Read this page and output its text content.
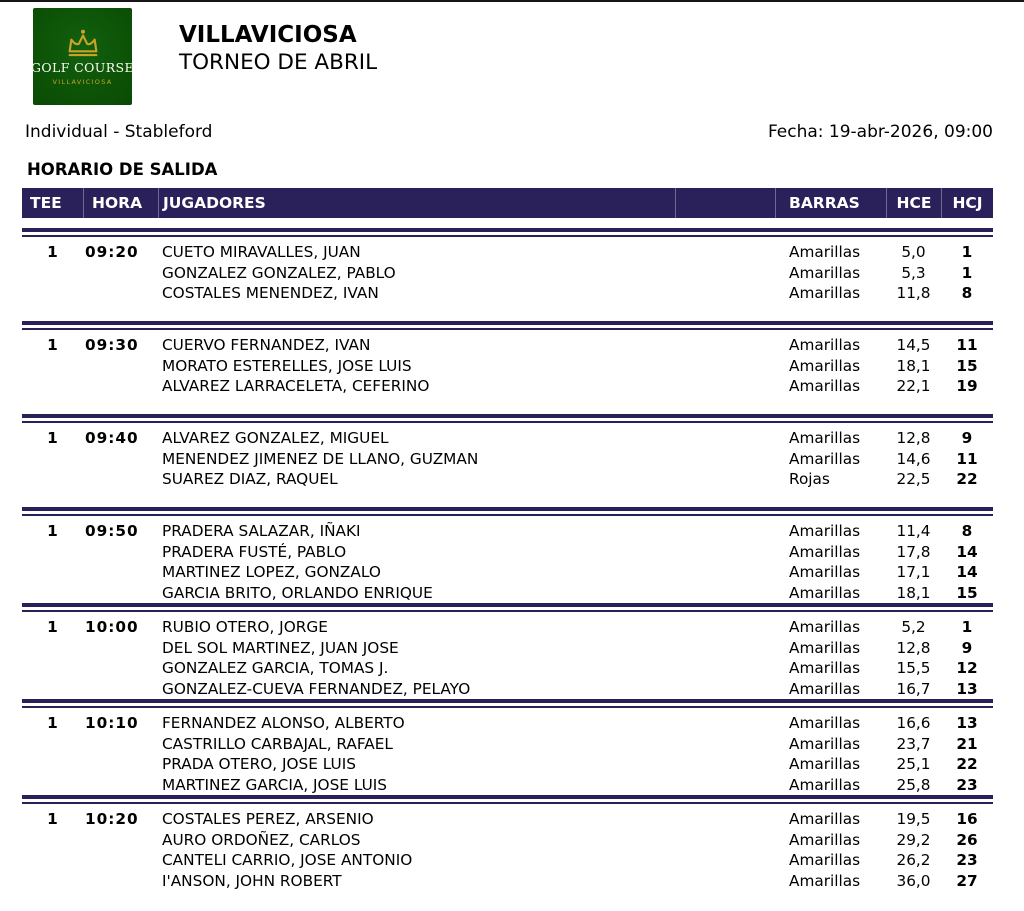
GOLF COURSE
VILLAVICIOSA
VILLAVICIOSA
TORNEO DE ABRIL
Individual - Stableford	Fecha: 19-abr-2026, 09:00
HORARIO DE SALIDA
TEE	HORA	JUGADORES	BARRAS	HCE	HCJ
1	09:20	CUETO MIRAVALLES, JUAN	Amarillas	5,0	1
GONZALEZ GONZALEZ, PABLO	Amarillas	5,3	1
COSTALES MENENDEZ, IVAN	Amarillas	11,8	8
1	09:30	CUERVO FERNANDEZ, IVAN	Amarillas	14,5	11
MORATO ESTERELLES, JOSE LUIS	Amarillas	18,1	15
ALVAREZ LARRACELETA, CEFERINO	Amarillas	22,1	19
1	09:40	ALVAREZ GONZALEZ, MIGUEL	Amarillas	12,8	9
MENENDEZ JIMENEZ DE LLANO, GUZMAN	Amarillas	14,6	11
SUAREZ DIAZ, RAQUEL	Rojas	22,5	22
1	09:50	PRADERA SALAZAR, IÑAKI	Amarillas	11,4	8
PRADERA FUSTÉ, PABLO	Amarillas	17,8	14
MARTINEZ LOPEZ, GONZALO	Amarillas	17,1	14
GARCIA BRITO, ORLANDO ENRIQUE	Amarillas	18,1	15
1	10:00	RUBIO OTERO, JORGE	Amarillas	5,2	1
DEL SOL MARTINEZ, JUAN JOSE	Amarillas	12,8	9
GONZALEZ GARCIA, TOMAS J.	Amarillas	15,5	12
GONZALEZ-CUEVA FERNANDEZ, PELAYO	Amarillas	16,7	13
1	10:10	FERNANDEZ ALONSO, ALBERTO	Amarillas	16,6	13
CASTRILLO CARBAJAL, RAFAEL	Amarillas	23,7	21
PRADA OTERO, JOSE LUIS	Amarillas	25,1	22
MARTINEZ GARCIA, JOSE LUIS	Amarillas	25,8	23
1	10:20	COSTALES PEREZ, ARSENIO	Amarillas	19,5	16
AURO ORDOÑEZ, CARLOS	Amarillas	29,2	26
CANTELI CARRIO, JOSE ANTONIO	Amarillas	26,2	23
I'ANSON, JOHN ROBERT	Amarillas	36,0	27
